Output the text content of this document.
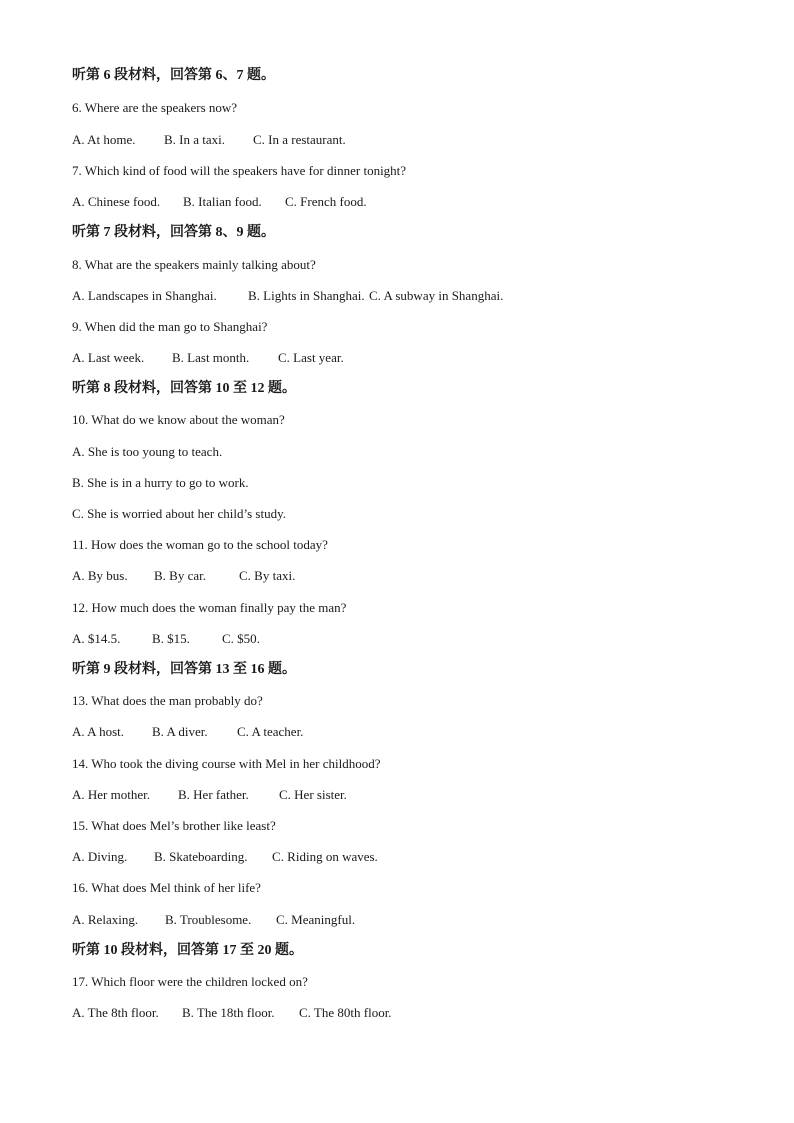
听第 6 段材料，回答第 6、7 题。
6. Where are the speakers now?
A. At home. B. In a taxi. C. In a restaurant.
7. Which kind of food will the speakers have for dinner tonight?
A. Chinese food. B. Italian food. C. French food.
听第 7 段材料，回答第 8、9 题。
8. What are the speakers mainly talking about?
A. Landscapes in Shanghai. B. Lights in Shanghai. C. A subway in Shanghai.
9. When did the man go to Shanghai?
A. Last week. B. Last month. C. Last year.
听第 8 段材料，回答第 10 至 12 题。
10. What do we know about the woman?
A. She is too young to teach.
B. She is in a hurry to go to work.
C. She is worried about her child’s study.
11. How does the woman go to the school today?
A. By bus. B. By car.	C. By taxi.
12. How much does the woman finally pay the man?
A. $14.5. B. $15. C. $50.
听第 9 段材料，回答第 13 至 16 题。
13. What does the man probably do?
A. A host. B. A diver. C. A teacher.
14. Who took the diving course with Mel in her childhood?
A. Her mother. B. Her father. C. Her sister.
15. What does Mel’s brother like least?
A. Diving. B. Skateboarding. C. Riding on waves.
16. What does Mel think of her life?
A. Relaxing. B. Troublesome. C. Meaningful.
听第 10 段材料，回答第 17 至 20 题。
17. Which floor were the children locked on?
A. The 8th floor. B. The 18th floor. C. The 80th floor.
